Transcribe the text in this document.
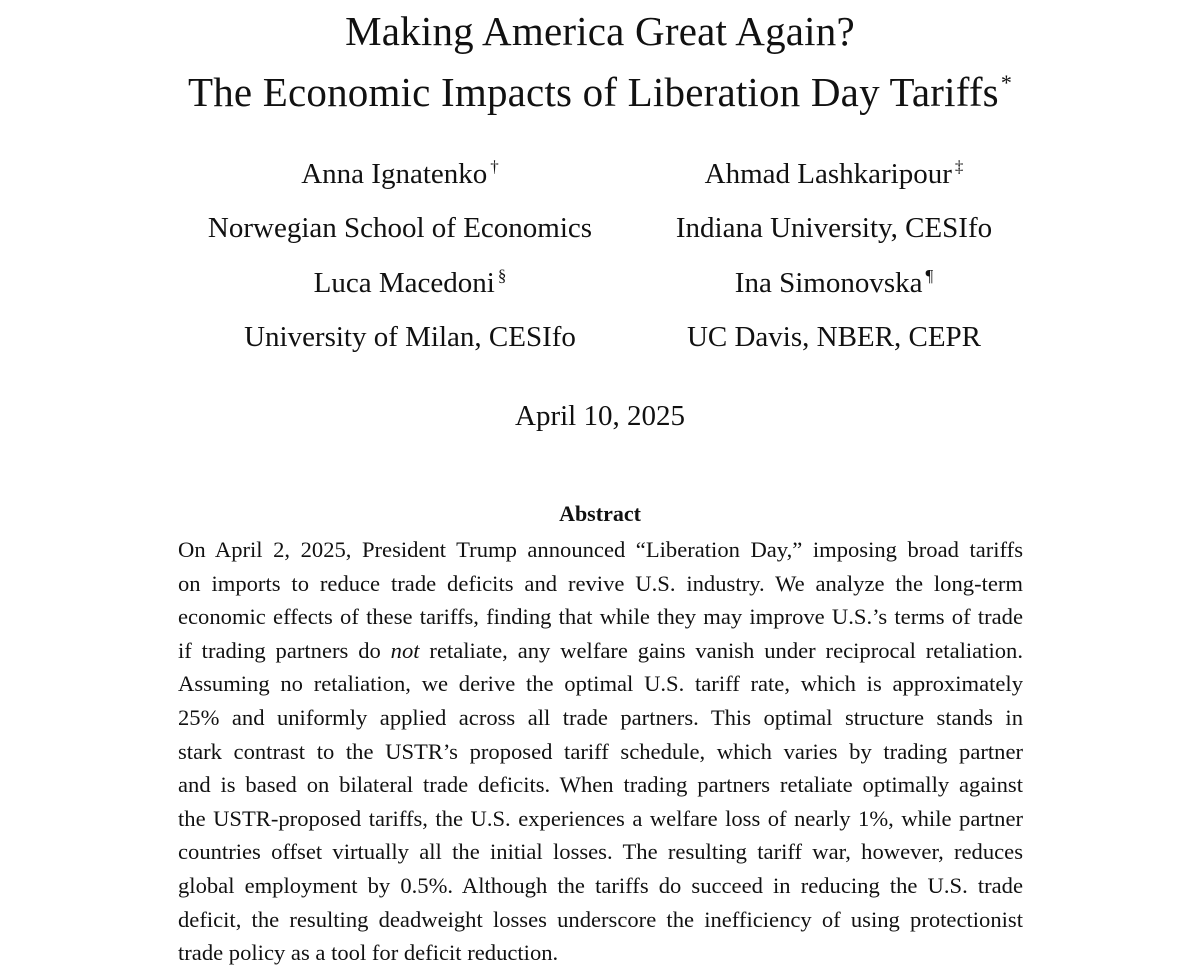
Making America Great Again?
The Economic Impacts of Liberation Day Tariffs*
Anna Ignatenko †
Norwegian School of Economics
Ahmad Lashkaripour ‡
Indiana University, CESIfo
Luca Macedoni §
University of Milan, CESIfo
Ina Simonovska ¶
UC Davis, NBER, CEPR
April 10, 2025
Abstract
On April 2, 2025, President Trump announced “Liberation Day,” imposing broad tariffs
on imports to reduce trade deficits and revive U.S. industry. We analyze the long-term
economic effects of these tariffs, finding that while they may improve U.S.’s terms of trade
if trading partners do not retaliate, any welfare gains vanish under reciprocal retaliation.
Assuming no retaliation, we derive the optimal U.S. tariff rate, which is approximately
25% and uniformly applied across all trade partners. This optimal structure stands in
stark contrast to the USTR’s proposed tariff schedule, which varies by trading partner
and is based on bilateral trade deficits. When trading partners retaliate optimally against
the USTR-proposed tariffs, the U.S. experiences a welfare loss of nearly 1%, while partner
countries offset virtually all the initial losses. The resulting tariff war, however, reduces
global employment by 0.5%. Although the tariffs do succeed in reducing the U.S. trade
deficit, the resulting deadweight losses underscore the inefficiency of using protectionist
trade policy as a tool for deficit reduction.
